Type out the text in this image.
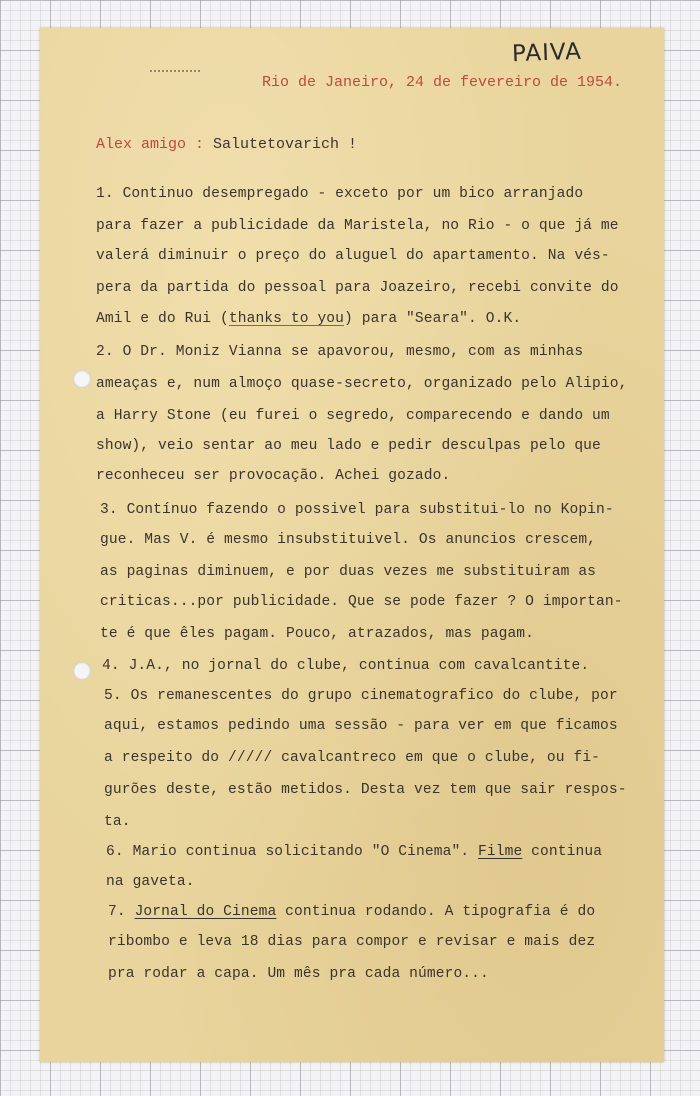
PAIVA
Rio de Janeiro, 24 de fevereiro de 1954.
Alex amigo : Salutetovarich !
1. Continuo desempregado - exceto por um bico arranjado
para fazer a publicidade da Maristela, no Rio - o que já me
valerá diminuir o preço do aluguel do apartamento. Na vés-
pera da partida do pessoal para Joazeiro, recebi convite do
Amil e do Rui (thanks to you) para "Seara". O.K.
2. O Dr. Moniz Vianna se apavorou, mesmo, com as minhas
ameaças e, num almoço quase-secreto, organizado pelo Alipio,
a Harry Stone (eu furei o segredo, comparecendo e dando um
show), veio sentar ao meu lado e pedir desculpas pelo que
reconheceu ser provocação. Achei gozado.
3. Contínuo fazendo o possivel para substitui-lo no Kopin-
gue. Mas V. é mesmo insubstituivel. Os anuncios crescem,
as paginas diminuem, e por duas vezes me substituiram as
criticas...por publicidade. Que se pode fazer ? O importan-
te é que êles pagam. Pouco, atrazados, mas pagam.
4. J.A., no jornal do clube, continua com cavalcantite.
5. Os remanescentes do grupo cinematografico do clube, por
aqui, estamos pedindo uma sessão - para ver em que ficamos
a respeito do ///// cavalcantreco em que o clube, ou fi-
gurões deste, estão metidos. Desta vez tem que sair respos-
ta.
6. Mario continua solicitando "O Cinema". Filme continua
na gaveta.
7. Jornal do Cinema continua rodando. A tipografia é do
ribombo e leva 18 dias para compor e revisar e mais dez
pra rodar a capa. Um mês pra cada número...
